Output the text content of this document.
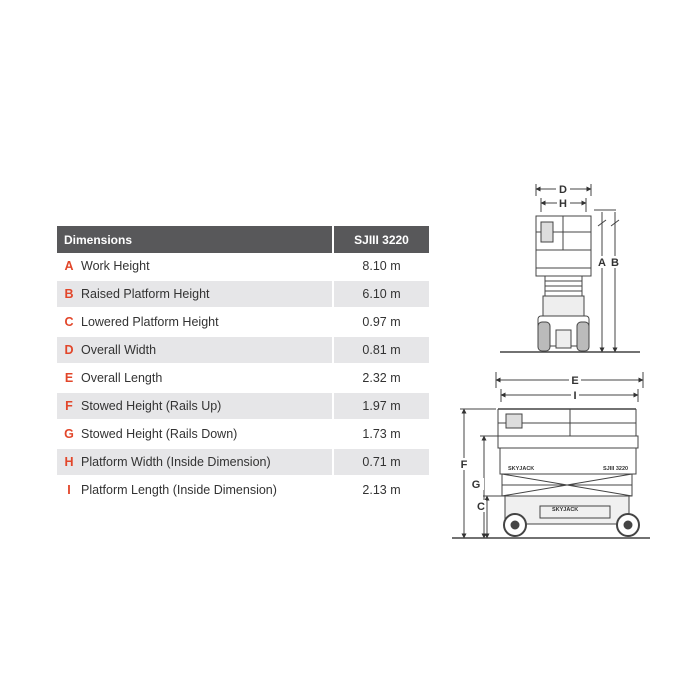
Dimensions	SJIII 3220
A Work Height	8.10 m
B Raised Platform Height	6.10 m
C Lowered Platform Height	0.97 m
D Overall Width	0.81 m
E Overall Length	2.32 m
F Stowed Height (Rails Up)	1.97 m
G Stowed Height (Rails Down)	1.73 m
H Platform Width (Inside Dimension)	0.71 m
I Platform Length (Inside Dimension)	2.13 m
D
H
A B
E
I
F
G
C
SKYJACK	SJIII 3220
SKYJACK
